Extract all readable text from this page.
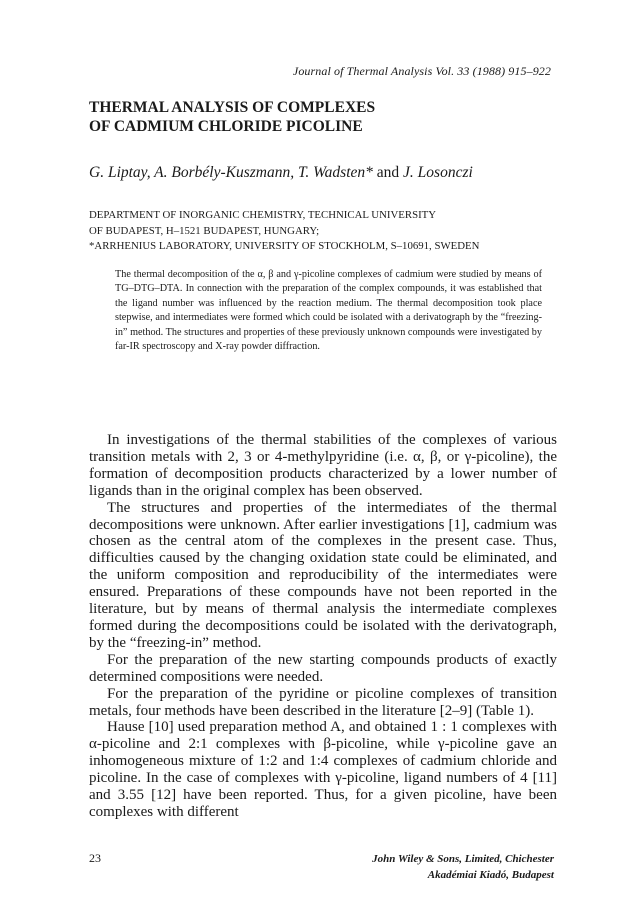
Journal of Thermal Analysis Vol. 33 (1988) 915–922
THERMAL ANALYSIS OF COMPLEXES
OF CADMIUM CHLORIDE PICOLINE
G. Liptay, A. Borbély-Kuszmann, T. Wadsten* and J. Losonczi
DEPARTMENT OF INORGANIC CHEMISTRY, TECHNICAL UNIVERSITY
OF BUDAPEST, H–1521 BUDAPEST, HUNGARY;
*ARRHENIUS LABORATORY, UNIVERSITY OF STOCKHOLM, S–10691, SWEDEN

The thermal decomposition of the α, β and γ-picoline complexes of cadmium were studied by means of TG–DTG–DTA. In connection with the preparation of the complex compounds, it was established that the ligand number was influenced by the reaction medium. The thermal decomposition took place stepwise, and intermediates were formed which could be isolated with a derivatograph by the “freezing-in” method. The structures and properties of these previously unknown compounds were investigated by far-IR spectroscopy and X-ray powder diffraction.

In investigations of the thermal stabilities of the complexes of various transition metals with 2, 3 or 4-methylpyridine (i.e. α, β, or γ-picoline), the formation of decomposition products characterized by a lower number of ligands than in the original complex has been observed.

The structures and properties of the intermediates of the thermal decompositions were unknown. After earlier investigations [1], cadmium was chosen as the central atom of the complexes in the present case. Thus, difficulties caused by the changing oxidation state could be eliminated, and the uniform composition and reproducibility of the intermediates were ensured. Preparations of these compounds have not been reported in the literature, but by means of thermal analysis the intermediate complexes formed during the decompositions could be isolated with the derivatograph, by the “freezing-in” method.

For the preparation of the new starting compounds products of exactly determined compositions were needed.

For the preparation of the pyridine or picoline complexes of transition metals, four methods have been described in the literature [2–9] (Table 1).

Hause [10] used preparation method A, and obtained 1 : 1 complexes with α-picoline and 2:1 complexes with β-picoline, while γ-picoline gave an inhomogeneous mixture of 1:2 and 1:4 complexes of cadmium chloride and picoline. In the case of complexes with γ-picoline, ligand numbers of 4 [11] and 3.55 [12] have been reported. Thus, for a given picoline, have been complexes with different

23	John Wiley & Sons, Limited, Chichester
Akadémiai Kiadó, Budapest
